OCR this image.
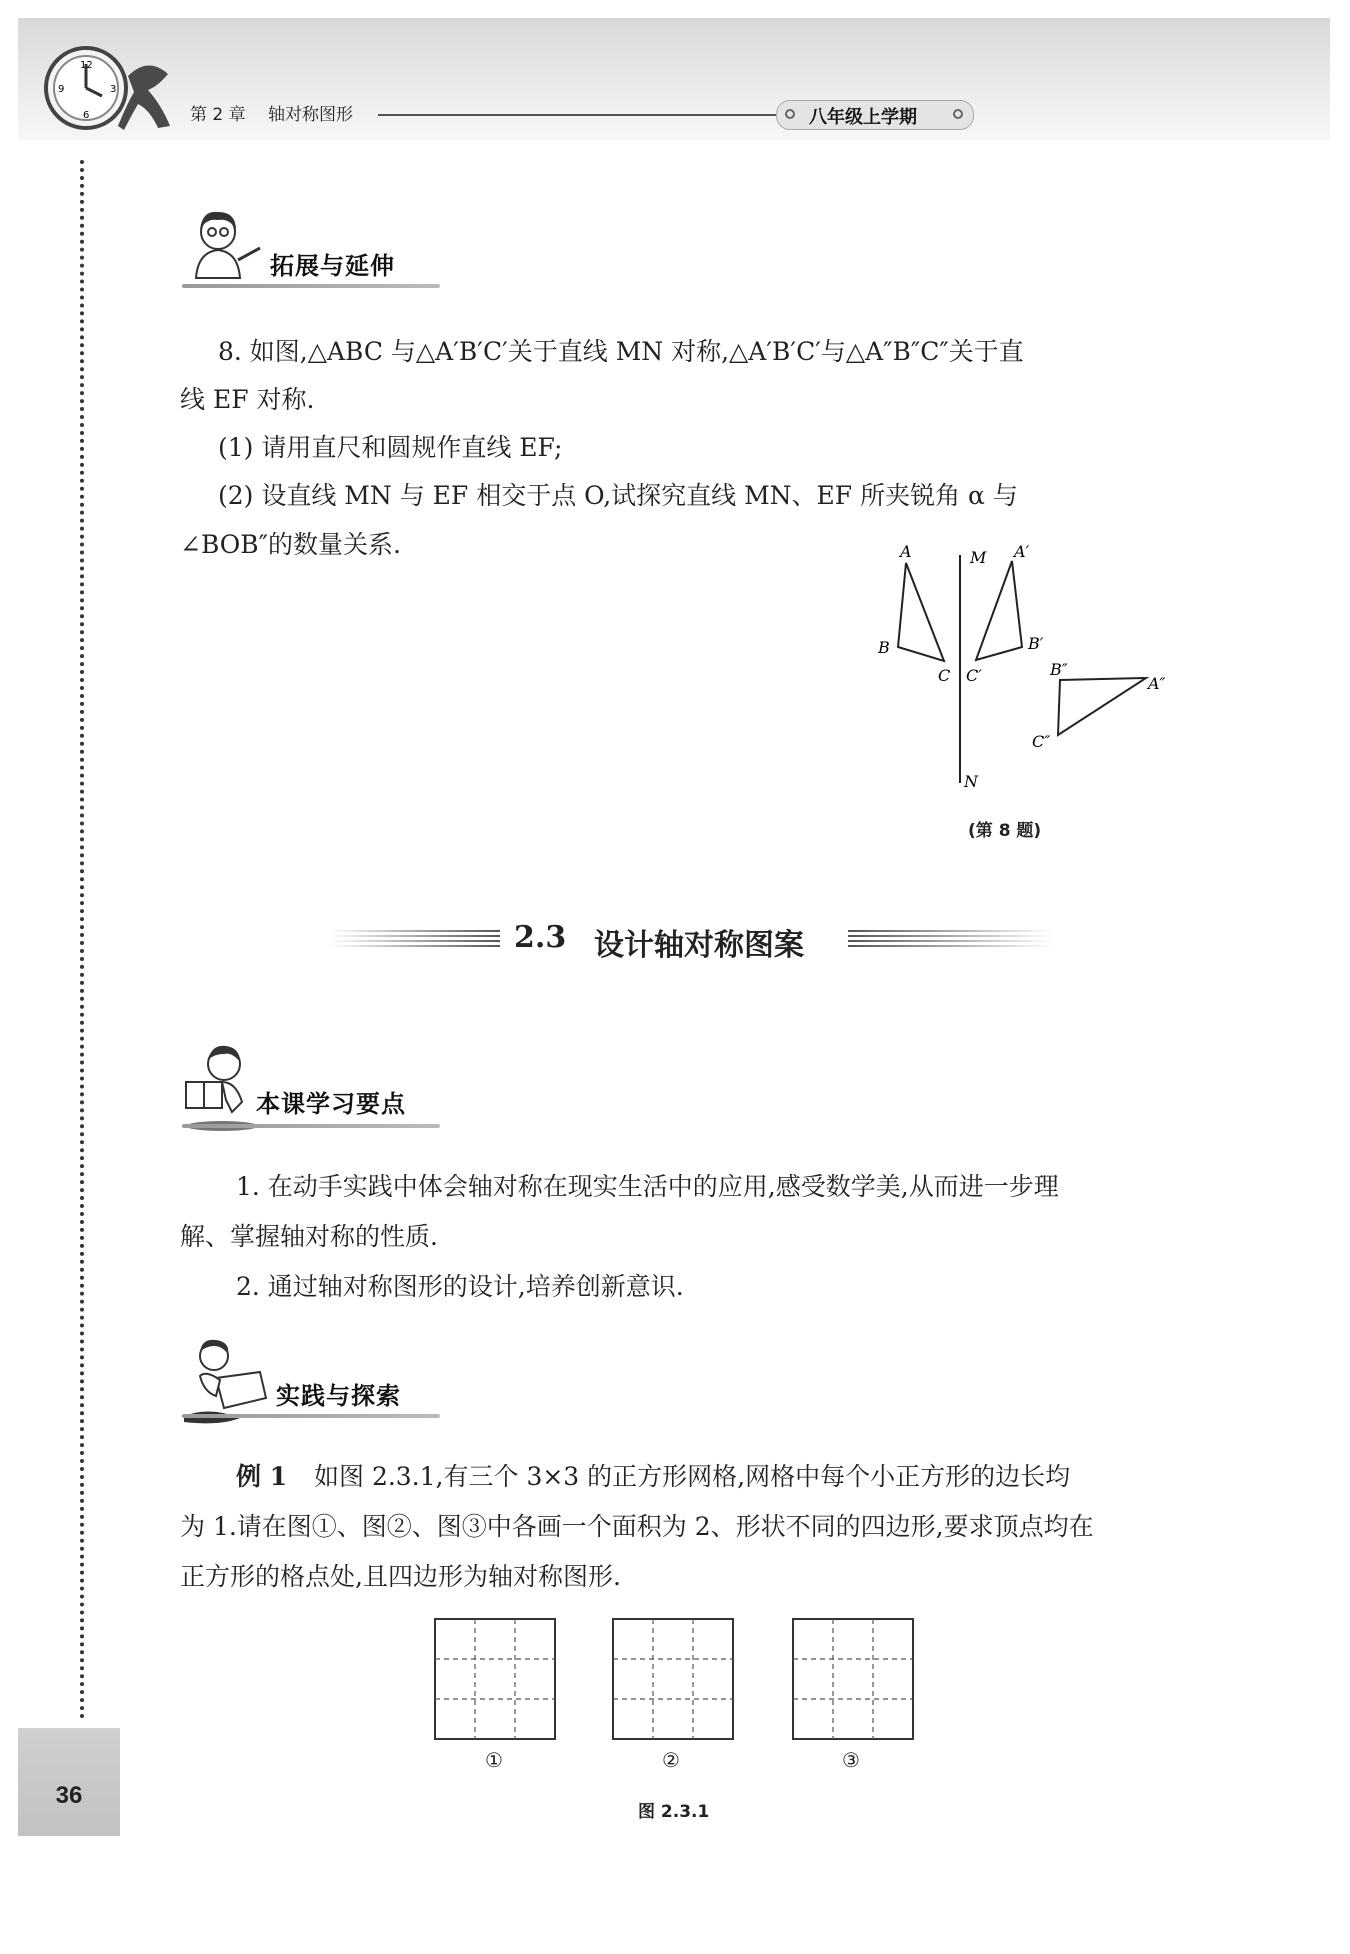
12
3
6
9
第 2 章 轴对称图形	八年级上学期
36
拓展与延伸
8. 如图,△ABC 与△A′B′C′关于直线 MN 对称,△A′B′C′与△A″B″C″关于直
线 EF 对称.
(1) 请用直尺和圆规作直线 EF;
(2) 设直线 MN 与 EF 相交于点 O,试探究直线 MN、EF 所夹锐角 α 与
∠BOB″的数量关系.	A
B
C
M
N
A′
B′
C′	B″
A″
C″
(第 8 题)
2.3 设计轴对称图案
本课学习要点
1. 在动手实践中体会轴对称在现实生活中的应用,感受数学美,从而进一步理
解、掌握轴对称的性质.
2. 通过轴对称图形的设计,培养创新意识.
实践与探索
例 1 如图 2.3.1,有三个 3×3 的正方形网格,网格中每个小正方形的边长均
为 1.请在图①、图②、图③中各画一个面积为 2、形状不同的四边形,要求顶点均在
正方形的格点处,且四边形为轴对称图形.
①	②	③
图 2.3.1
